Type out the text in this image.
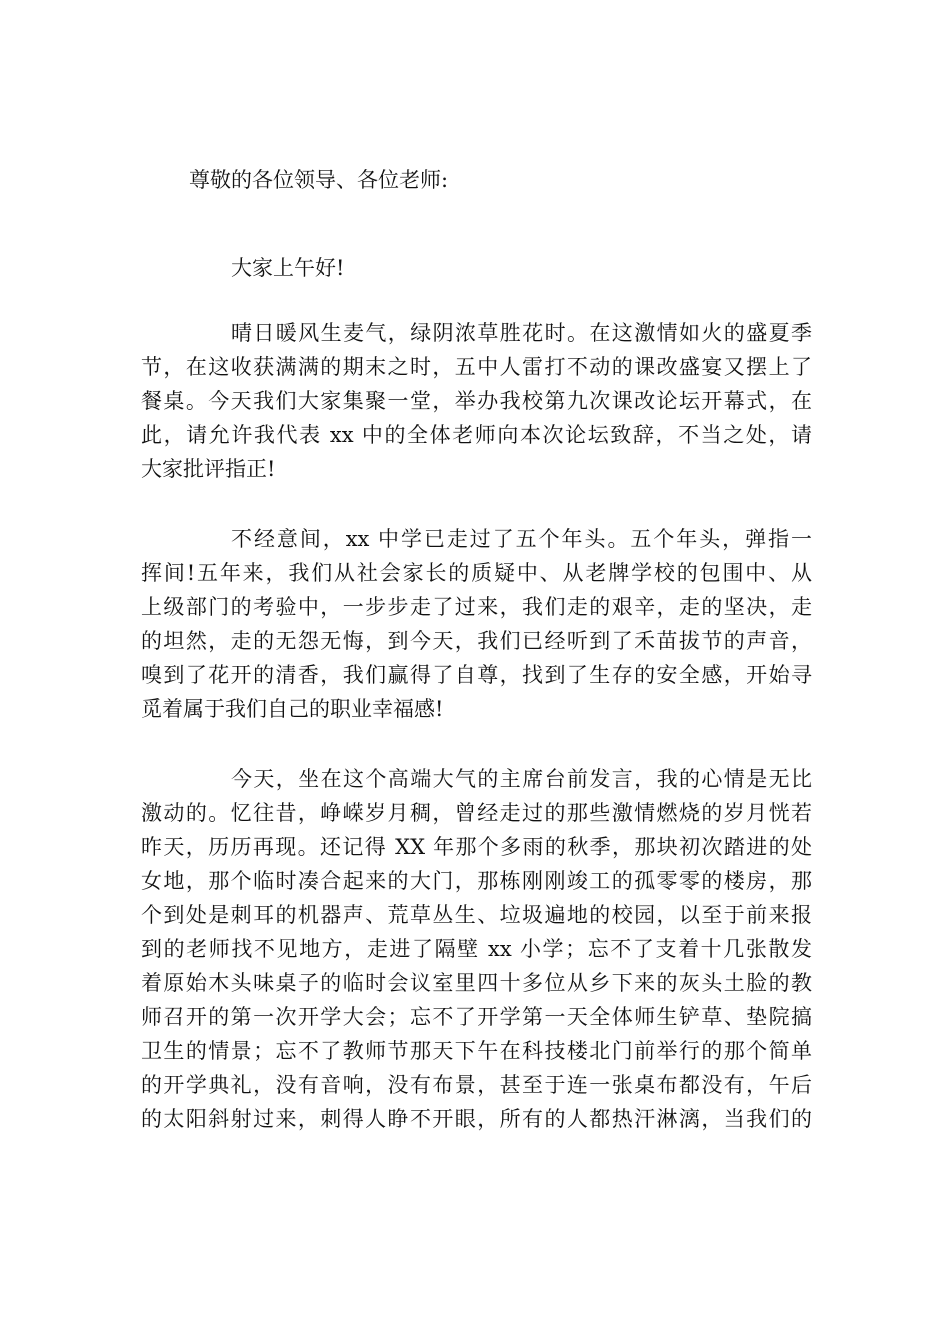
尊敬的各位领导、各位老师:

大家上午好!

晴日暖风生麦气，绿阴浓草胜花时。在这激情如火的盛夏季
节，在这收获满满的期末之时，五中人雷打不动的课改盛宴又摆上了
餐桌。今天我们大家集聚一堂，举办我校第九次课改论坛开幕式，在
此，请允许我代表 xx 中的全体老师向本次论坛致辞，不当之处，请
大家批评指正!
不经意间，xx 中学已走过了五个年头。五个年头，弹指一
挥间!五年来，我们从社会家长的质疑中、从老牌学校的包围中、从
上级部门的考验中，一步步走了过来，我们走的艰辛，走的坚决，走
的坦然，走的无怨无悔，到今天，我们已经听到了禾苗拔节的声音，
嗅到了花开的清香，我们赢得了自尊，找到了生存的安全感，开始寻
觅着属于我们自己的职业幸福感!
今天，坐在这个高端大气的主席台前发言，我的心情是无比
激动的。忆往昔，峥嵘岁月稠，曾经走过的那些激情燃烧的岁月恍若
昨天，历历再现。还记得 XX 年那个多雨的秋季，那块初次踏进的处
女地，那个临时凑合起来的大门，那栋刚刚竣工的孤零零的楼房，那
个到处是刺耳的机器声、荒草丛生、垃圾遍地的校园，以至于前来报
到的老师找不见地方，走进了隔壁 xx 小学；忘不了支着十几张散发
着原始木头味桌子的临时会议室里四十多位从乡下来的灰头土脸的教
师召开的第一次开学大会；忘不了开学第一天全体师生铲草、垫院搞
卫生的情景；忘不了教师节那天下午在科技楼北门前举行的那个简单
的开学典礼，没有音响，没有布景，甚至于连一张桌布都没有，午后
的太阳斜射过来，刺得人睁不开眼，所有的人都热汗淋漓，当我们的
